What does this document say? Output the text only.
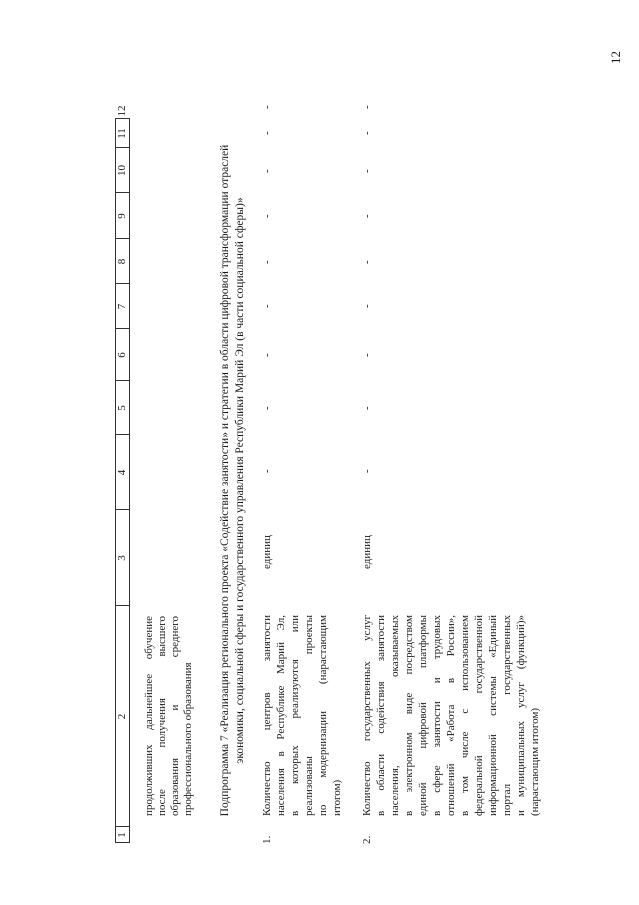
12
1
2
3
4
5
6
7
8
9
10
11
12
продолживших дальнейшее обучение после получения высшего образования и среднего профессионального образования Подпрограмма 7 «Реализация регионального проекта «Содействие занятости» и стратегии в области цифровой трансформации отраслей экономики, социальной сферы и государственного управления Республики Марий Эл (в части социальной сферы)»
1.
Количество центров занятости населения в Республике Марий Эл, в которых реализуются или реализованы проекты по модернизации (нарастающим итогом)
единиц
-
-
-
-
-
-
-
-
-
2.
Количество государственных услуг в области содействия занятости населения, оказываемых в электронном виде посредством единой цифровой платформы в сфере занятости и трудовых отношений «Работа в России», в том числе с использованием федеральной государственной информационной системы «Единый портал государственных и муниципальных услуг (функций)» (нарастающим итогом)
единиц
-
-
-
-
-
-
-
-
-
